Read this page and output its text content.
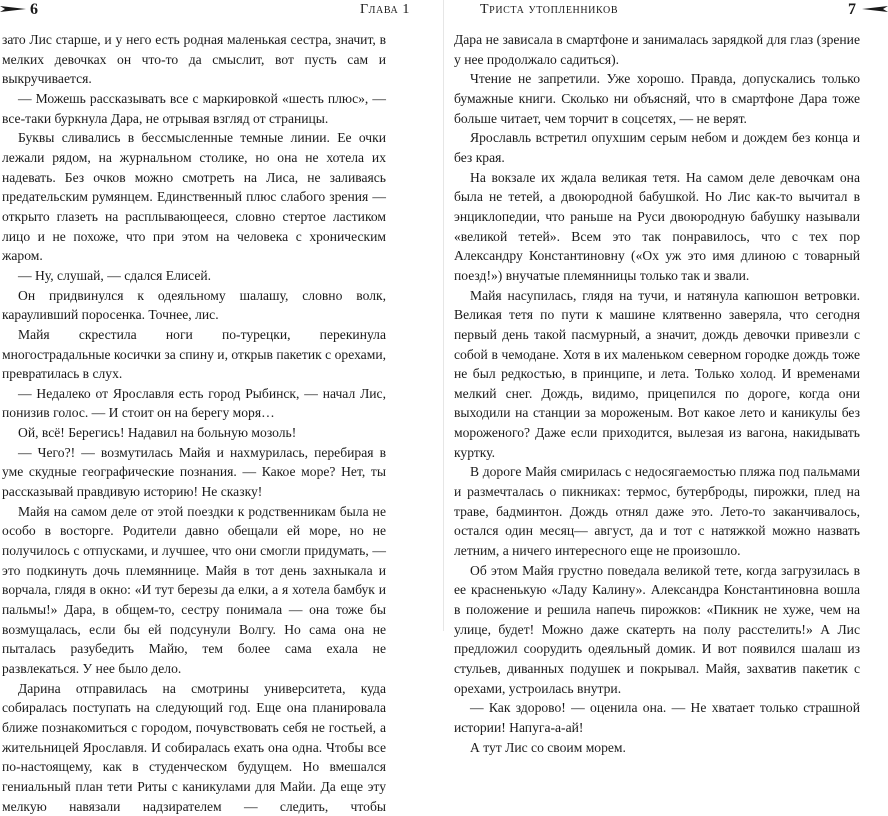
6	Глава 1

зато Лис старше, и у него есть родная маленькая сестра, значит, в мелких девочках он что-то да смыслит, вот пусть сам и выкручивается.

— Можешь рассказывать все с маркировкой «шесть плюс», — все-таки буркнула Дара, не отрывая взгляд от страницы.

Буквы сливались в бессмысленные темные линии. Ее очки лежали рядом, на журнальном столике, но она не хотела их надевать. Без очков можно смотреть на Лиса, не заливаясь предательским румянцем. Единственный плюс слабого зрения — открыто глазеть на расплывающееся, словно стертое ластиком лицо и не похоже, что при этом на человека с хроническим жаром.

— Ну, слушай, — сдался Елисей.

Он придвинулся к одеяльному шалашу, словно волк, карауливший поросенка. Точнее, лис.

Майя скрестила ноги по-турецки, перекинула многострадальные косички за спину и, открыв пакетик с орехами, превратилась в слух.

— Недалеко от Ярославля есть город Рыбинск, — начал Лис, понизив голос. — И стоит он на берегу моря…

Ой, всё! Берегись! Надавил на больную мозоль!

— Чего?! — возмутилась Майя и нахмурилась, перебирая в уме скудные географические познания. — Какое море? Нет, ты рассказывай правдивую историю! Не сказку!

Майя на самом деле от этой поездки к родственникам была не особо в восторге. Родители давно обещали ей море, но не получилось с отпусками, и лучшее, что они смогли придумать, — это подкинуть дочь племяннице. Майя в тот день захныкала и ворчала, глядя в окно: «И тут березы да елки, а я хотела бамбук и пальмы!» Дара, в общем-то, сестру понимала — она тоже бы возмущалась, если бы ей подсунули Волгу. Но сама она не пыталась разубедить Майю, тем более сама ехала не развлекаться. У нее было дело.

Дарина отправилась на смотрины университета, куда собиралась поступать на следующий год. Еще она планировала ближе познакомиться с городом, почувствовать себя не гостьей, а жительницей Ярославля. И собиралась ехать она одна. Чтобы все по-настоящему, как в студенческом будущем. Но вмешался гениальный план тети Риты с каникулами для Майи. Да еще эту мелкую навязали надзирателем — следить, чтобы

Триста утопленников	7

Дара не зависала в смартфоне и занималась зарядкой для глаз (зрение у нее продолжало садиться).

Чтение не запретили. Уже хорошо. Правда, допускались только бумажные книги. Сколько ни объясняй, что в смартфоне Дара тоже больше читает, чем торчит в соцсетях, — не верят.

Ярославль встретил опухшим серым небом и дождем без конца и без края.

На вокзале их ждала великая тетя. На самом деле девочкам она была не тетей, а двоюродной бабушкой. Но Лис как-то вычитал в энциклопедии, что раньше на Руси двоюродную бабушку называли «великой тетей». Всем это так понравилось, что с тех пор Александру Константиновну («Ох уж это имя длиною с товарный поезд!») внучатые племянницы только так и звали.

Майя насупилась, глядя на тучи, и натянула капюшон ветровки. Великая тетя по пути к машине клятвенно заверяла, что сегодня первый день такой пасмурный, а значит, дождь девочки привезли с собой в чемодане. Хотя в их маленьком северном городке дождь тоже не был редкостью, в принципе, и лета. Только холод. И временами мелкий снег. Дождь, видимо, прицепился по дороге, когда они выходили на станции за мороженым. Вот какое лето и каникулы без мороженого? Даже если приходится, вылезая из вагона, накидывать куртку.

В дороге Майя смирилась с недосягаемостью пляжа под пальмами и размечталась о пикниках: термос, бутерброды, пирожки, плед на траве, бадминтон. Дождь отнял даже это. Лето-то заканчивалось, остался один месяц— август, да и тот с натяжкой можно назвать летним, а ничего интересного еще не произошло.

Об этом Майя грустно поведала великой тете, когда загрузилась в ее красненькую «Ладу Калину». Александра Константиновна вошла в положение и решила напечь пирожков: «Пикник не хуже, чем на улице, будет! Можно даже скатерть на полу расстелить!» А Лис предложил соорудить одеяльный домик. И вот появился шалаш из стульев, диванных подушек и покрывал. Майя, захватив пакетик с орехами, устроилась внутри.

— Как здорово! — оценила она. — Не хватает только страшной истории! Напуга-а-ай!

А тут Лис со своим морем.
